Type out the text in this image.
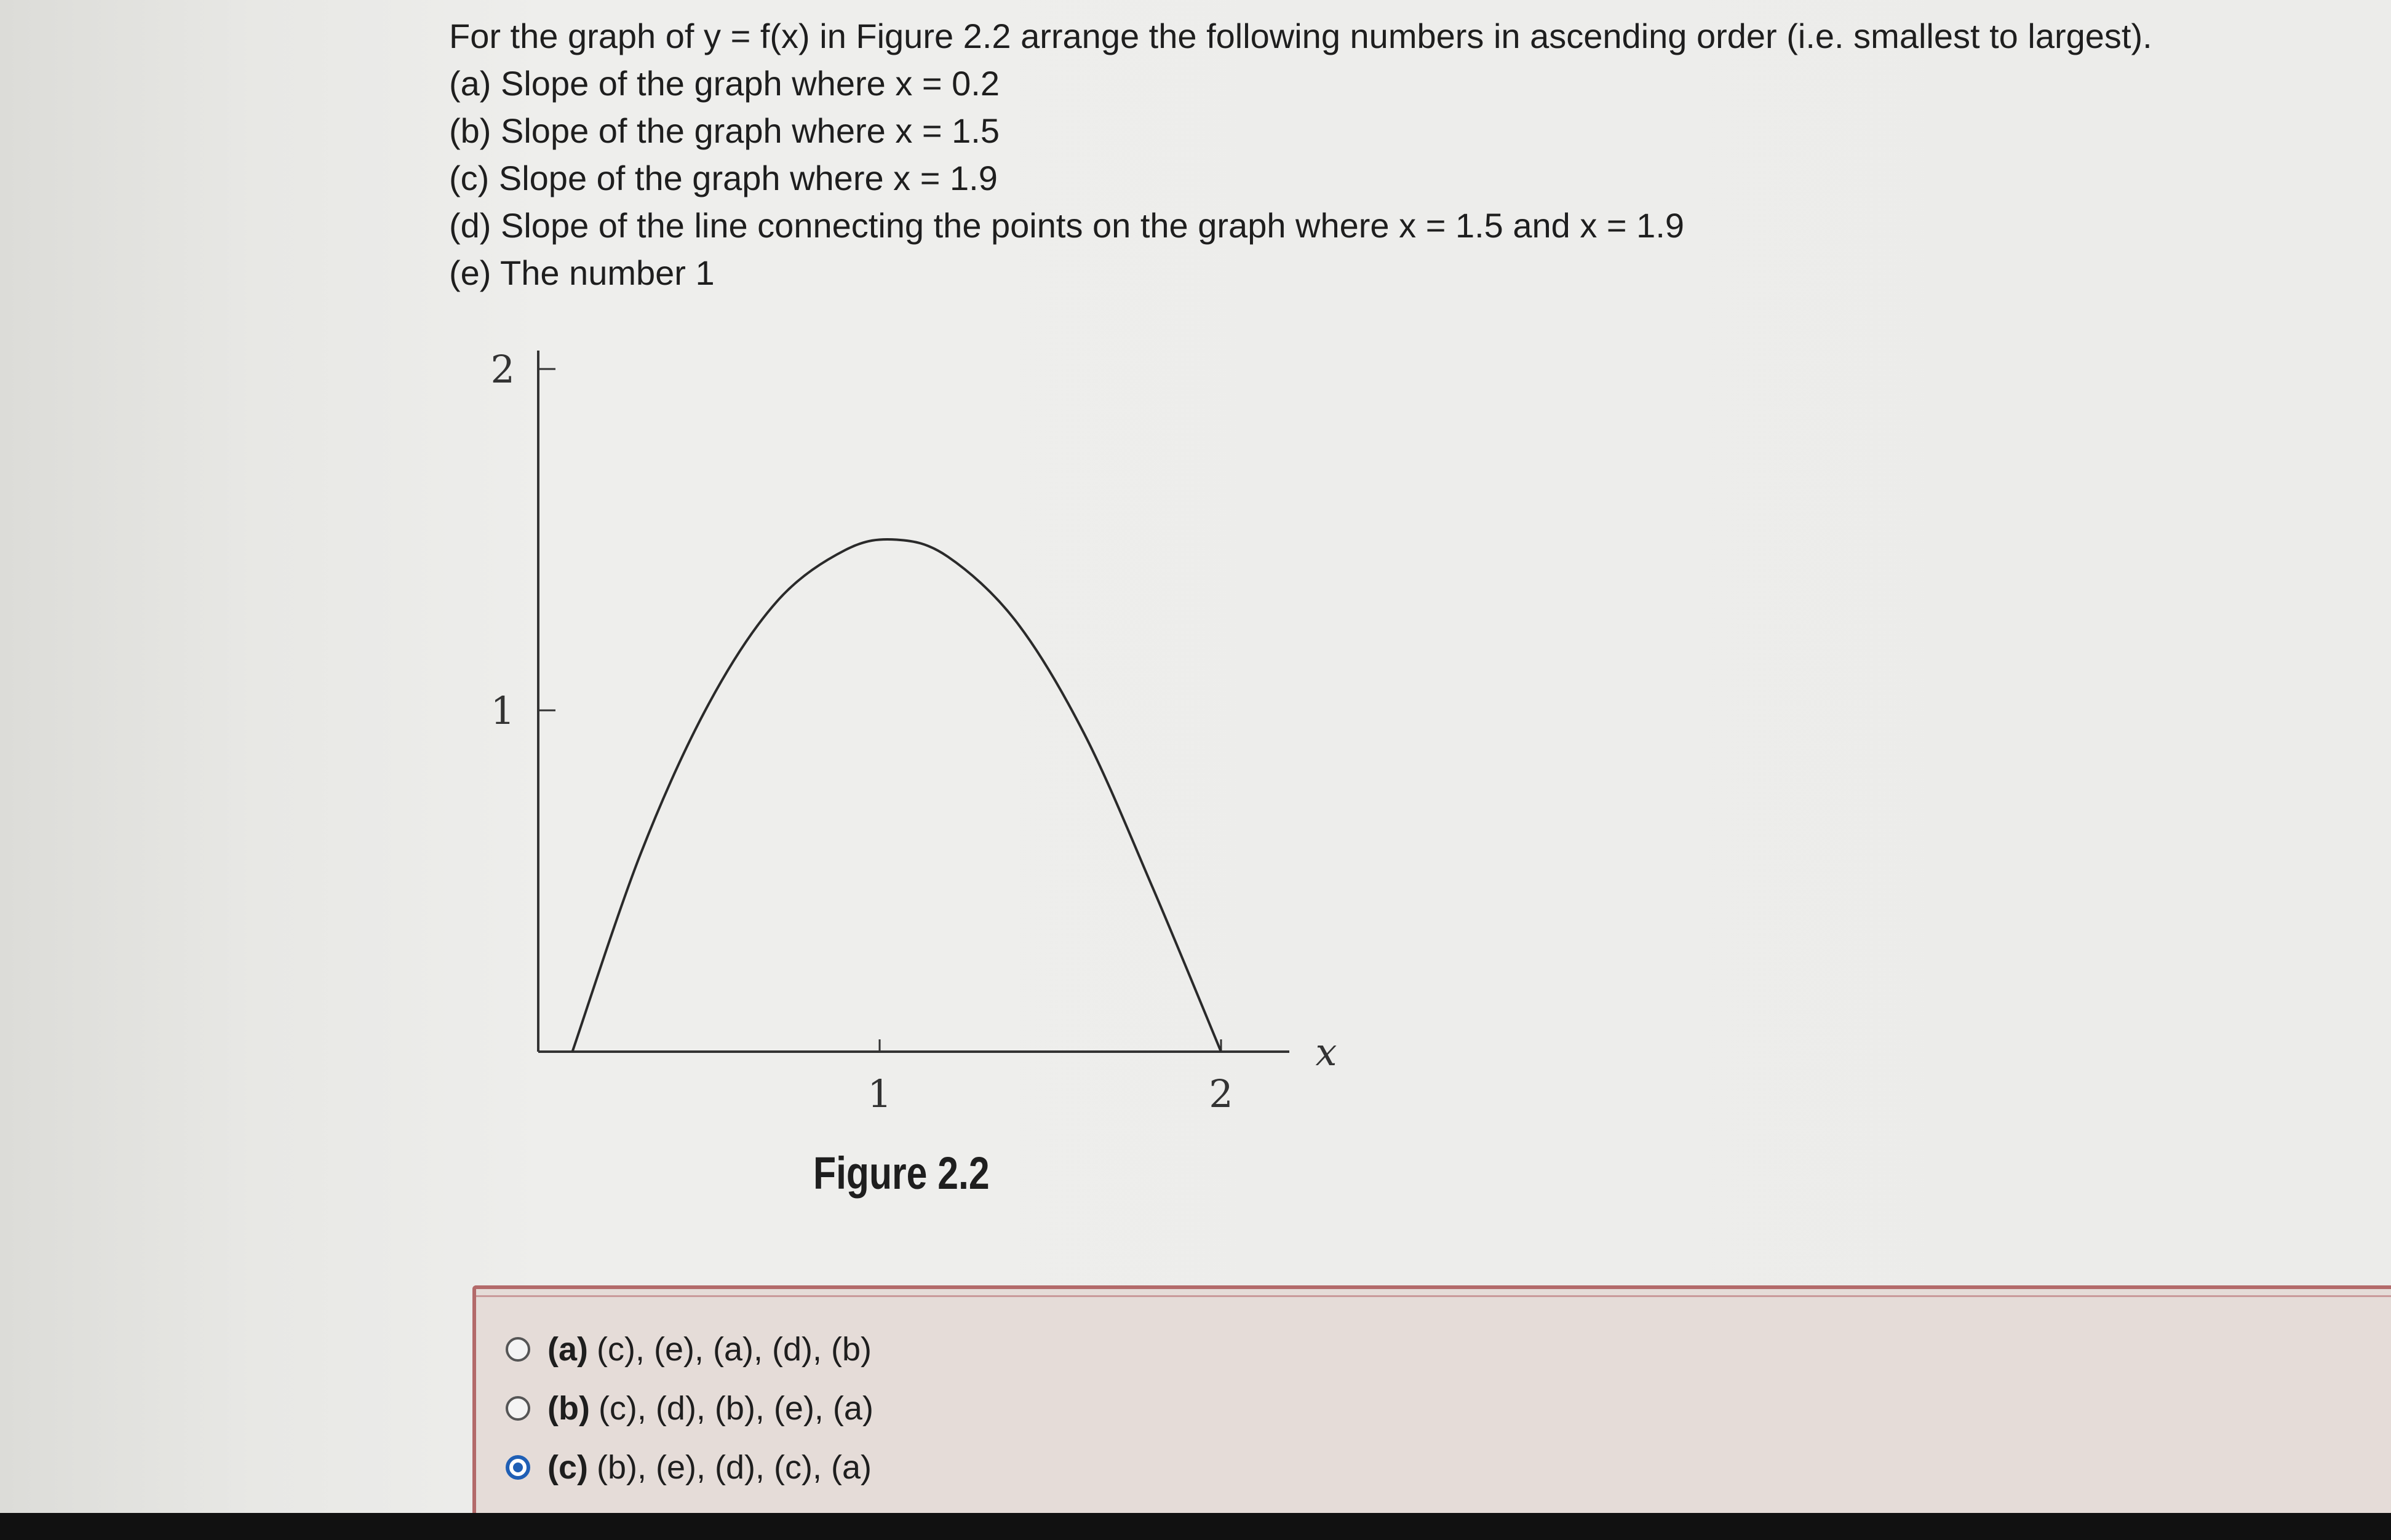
For the graph of y = f(x) in Figure 2.2 arrange the following numbers in ascending order (i.e. smallest to largest).
(a) Slope of the graph where x = 0.2
(b) Slope of the graph where x = 1.5
(c) Slope of the graph where x = 1.9
(d) Slope of the line connecting the points on the graph where x = 1.5 and x = 1.9
(e) The number 1
1
2
1	2
x
Figure 2.2
(a) (c), (e), (a), (d), (b)
(b) (c), (d), (b), (e), (a)
(c) (b), (e), (d), (c), (a)
